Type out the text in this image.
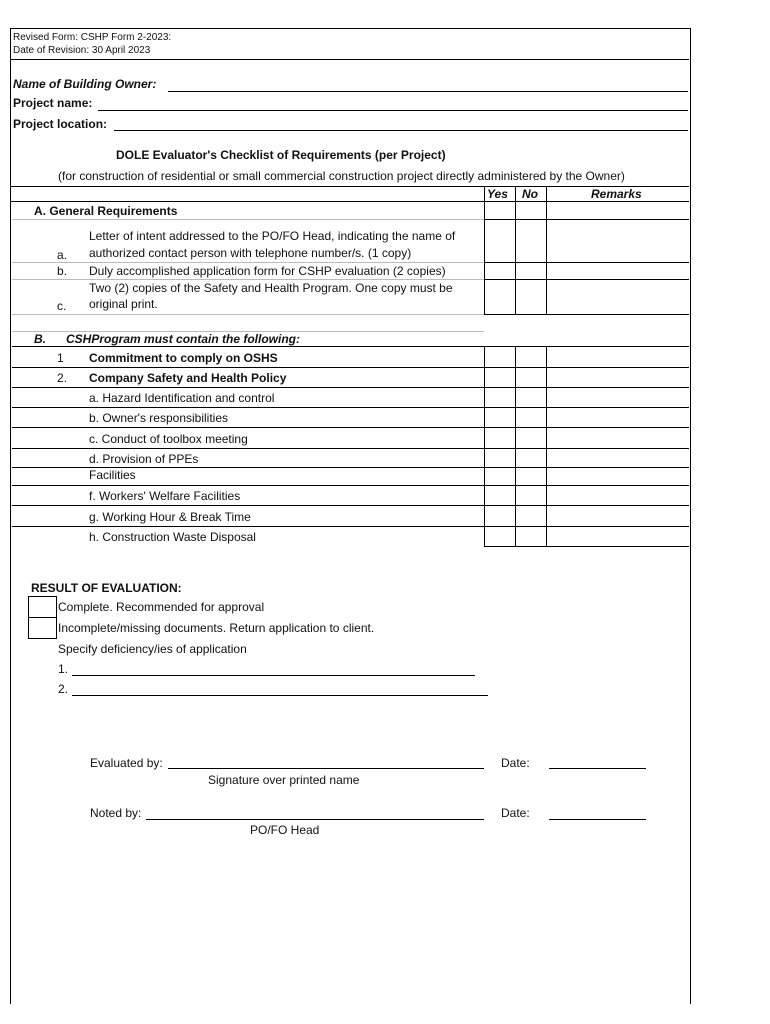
Revised Form: CSHP Form 2-2023:
Date of Revision: 30 April 2023
Name of Building Owner:
Project name:
Project location:
DOLE Evaluator's Checklist of Requirements (per Project)
(for construction of residential or small commercial construction project directly administered by the Owner)
Yes No	Remarks
A. General Requirements
Letter of intent addressed to the PO/FO Head, indicating the name of
a. authorized contact person with telephone number/s. (1 copy)
b. Duly accomplished application form for CSHP evaluation (2 copies)
Two (2) copies of the Safety and Health Program. One copy must be
c. original print.
B. CSHProgram must contain the following:
1 Commitment to comply on OSHS
2. Company Safety and Health Policy
a. Hazard Identification and control
b. Owner's responsibilities
c. Conduct of toolbox meeting
d. Provision of PPEs
Facilities
f. Workers' Welfare Facilities
g. Working Hour & Break Time
h. Construction Waste Disposal
RESULT OF EVALUATION:
Complete. Recommended for approval
Incomplete/missing documents. Return application to client.
Specify deficiency/ies of application
1.
2.
Evaluated by:	Date:
Signature over printed name
Noted by:	Date:
PO/FO Head
